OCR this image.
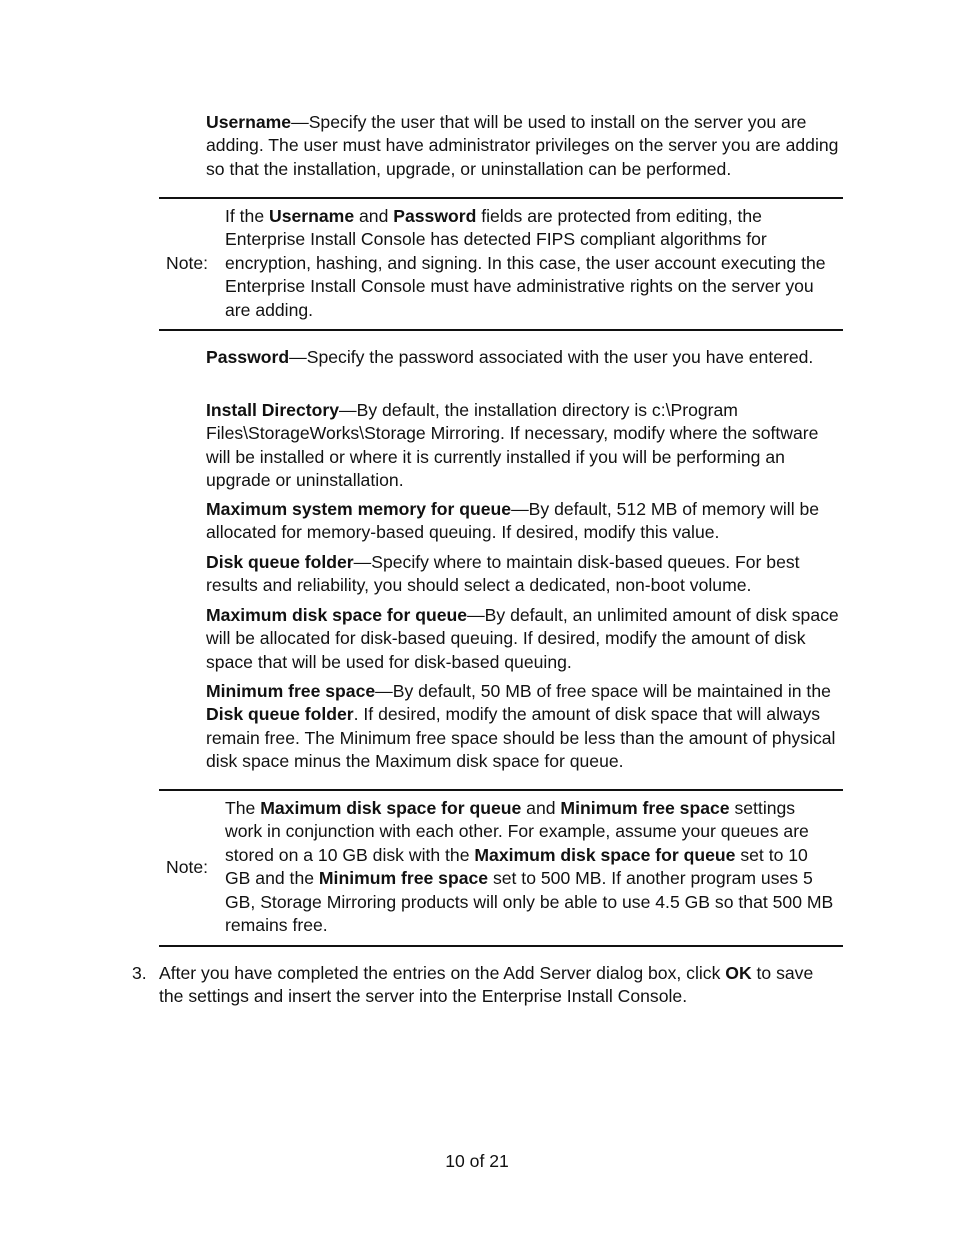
Username—Specify the user that will be used to install on the server you are adding. The user must have administrator privileges on the server you are adding so that the installation, upgrade, or uninstallation can be performed.

Note:

If the Username and Password fields are protected from editing, the Enterprise Install Console has detected FIPS compliant algorithms for encryption, hashing, and signing. In this case, the user account executing the Enterprise Install Console must have administrative rights on the server you are adding.

Password—Specify the password associated with the user you have entered.

Install Directory—By default, the installation directory is c:\Program Files\StorageWorks\Storage Mirroring. If necessary, modify where the software will be installed or where it is currently installed if you will be performing an upgrade or uninstallation.

Maximum system memory for queue—By default, 512 MB of memory will be allocated for memory-based queuing. If desired, modify this value.

Disk queue folder—Specify where to maintain disk-based queues. For best results and reliability, you should select a dedicated, non-boot volume.

Maximum disk space for queue—By default, an unlimited amount of disk space will be allocated for disk-based queuing. If desired, modify the amount of disk space that will be used for disk-based queuing.

Minimum free space—By default, 50 MB of free space will be maintained in the Disk queue folder. If desired, modify the amount of disk space that will always remain free. The Minimum free space should be less than the amount of physical disk space minus the Maximum disk space for queue.

Note:

The Maximum disk space for queue and Minimum free space settings work in conjunction with each other. For example, assume your queues are stored on a 10 GB disk with the Maximum disk space for queue set to 10 GB and the Minimum free space set to 500 MB. If another program uses 5 GB, Storage Mirroring products will only be able to use 4.5 GB so that 500 MB remains free.

3. After you have completed the entries on the Add Server dialog box, click OK to save the settings and insert the server into the Enterprise Install Console.

10 of 21
